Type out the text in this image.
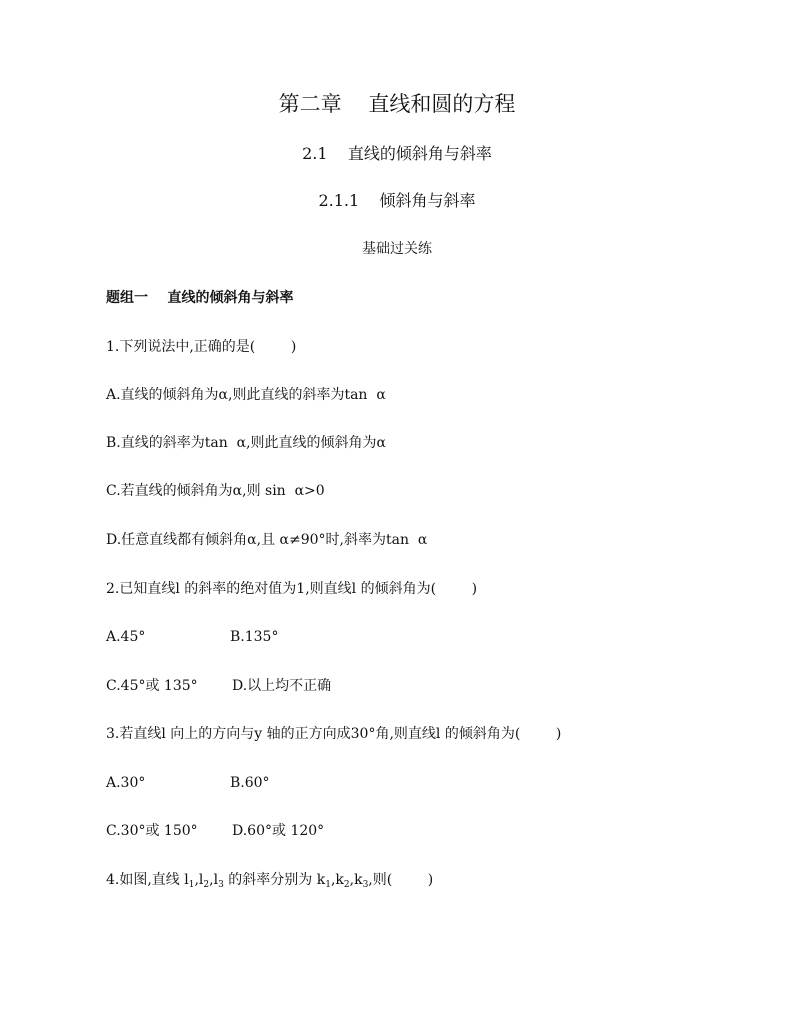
第二章    直线和圆的方程
2.1    直线的倾斜角与斜率
2.1.1    倾斜角与斜率
基础过关练
题组一    直线的倾斜角与斜率
1.下列说法中,正确的是(        )
A.直线的倾斜角为α,则此直线的斜率为tan  α
B.直线的斜率为tan  α,则此直线的倾斜角为α
C.若直线的倾斜角为α,则 sin  α>0
D.任意直线都有倾斜角α,且 α≠90°时,斜率为tan  α
2.已知直线l 的斜率的绝对值为1,则直线l 的倾斜角为(        )
A.45°	B.135°
C.45°或 135° D.以上均不正确
3.若直线l 向上的方向与y 轴的正方向成30°角,则直线l 的倾斜角为(        )
A.30°	B.60°
C.30°或 150° D.60°或 120°
4.如图,直线 $l_1,l_2,l_3$ 的斜率分别为 $k_1,k_2,k_3$,则(        )
